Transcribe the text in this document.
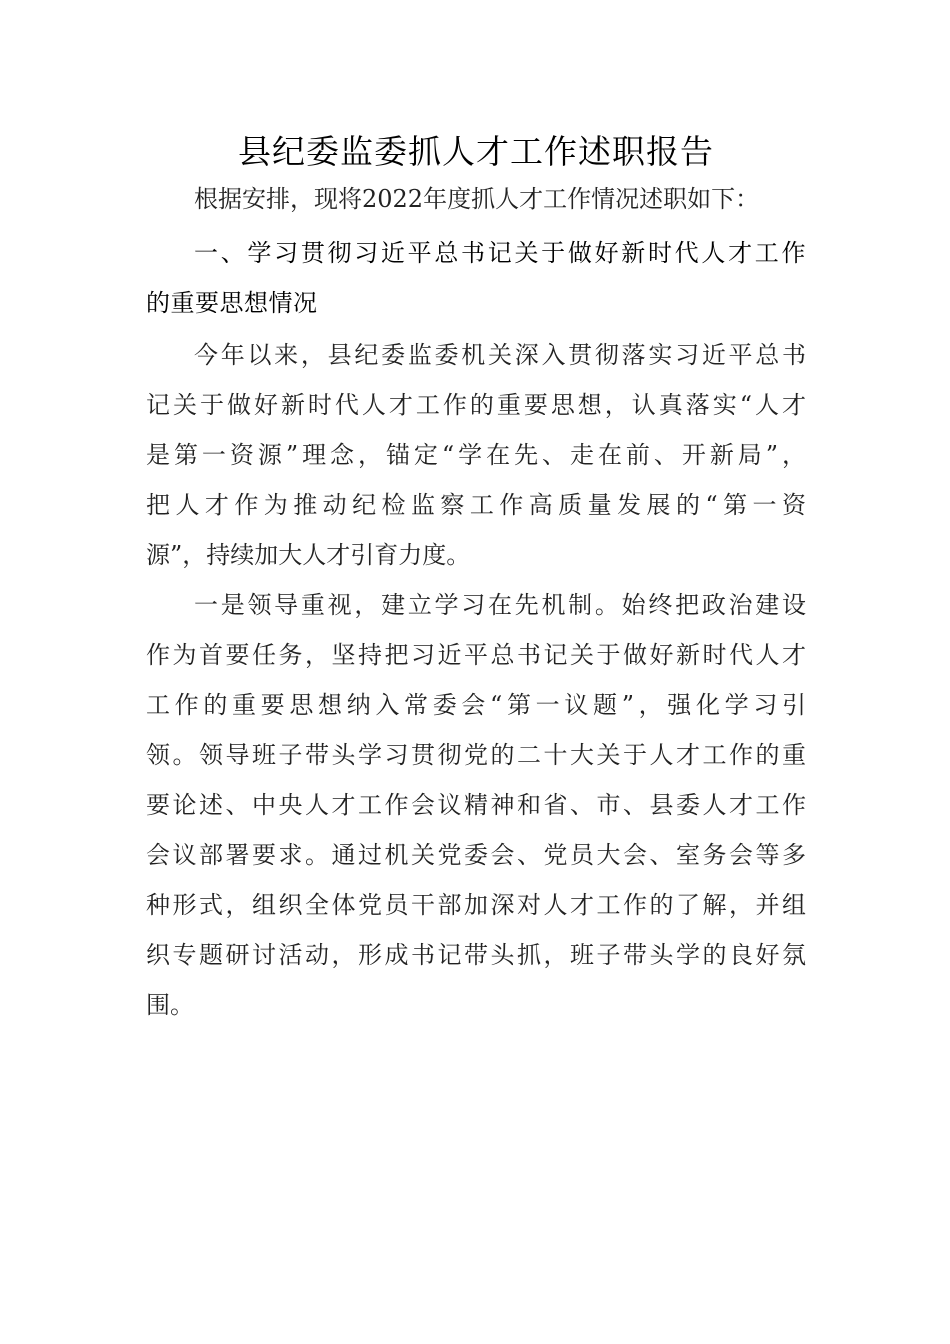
县纪委监委抓人才工作述职报告
根据安排，现将2022年度抓人才工作情况述职如下：
一、学习贯彻习近平总书记关于做好新时代人才工作
的重要思想情况
今年以来，县纪委监委机关深入贯彻落实习近平总书
记关于做好新时代人才工作的重要思想，认真落实“人才
是第一资源”理念，锚定“学在先、走在前、开新局”，
把人才作为推动纪检监察工作高质量发展的“第一资
源”，持续加大人才引育力度。
一是领导重视，建立学习在先机制。始终把政治建设
作为首要任务，坚持把习近平总书记关于做好新时代人才
工作的重要思想纳入常委会“第一议题”，强化学习引
领。领导班子带头学习贯彻党的二十大关于人才工作的重
要论述、中央人才工作会议精神和省、市、县委人才工作
会议部署要求。通过机关党委会、党员大会、室务会等多
种形式，组织全体党员干部加深对人才工作的了解，并组
织专题研讨活动，形成书记带头抓，班子带头学的良好氛
围。
